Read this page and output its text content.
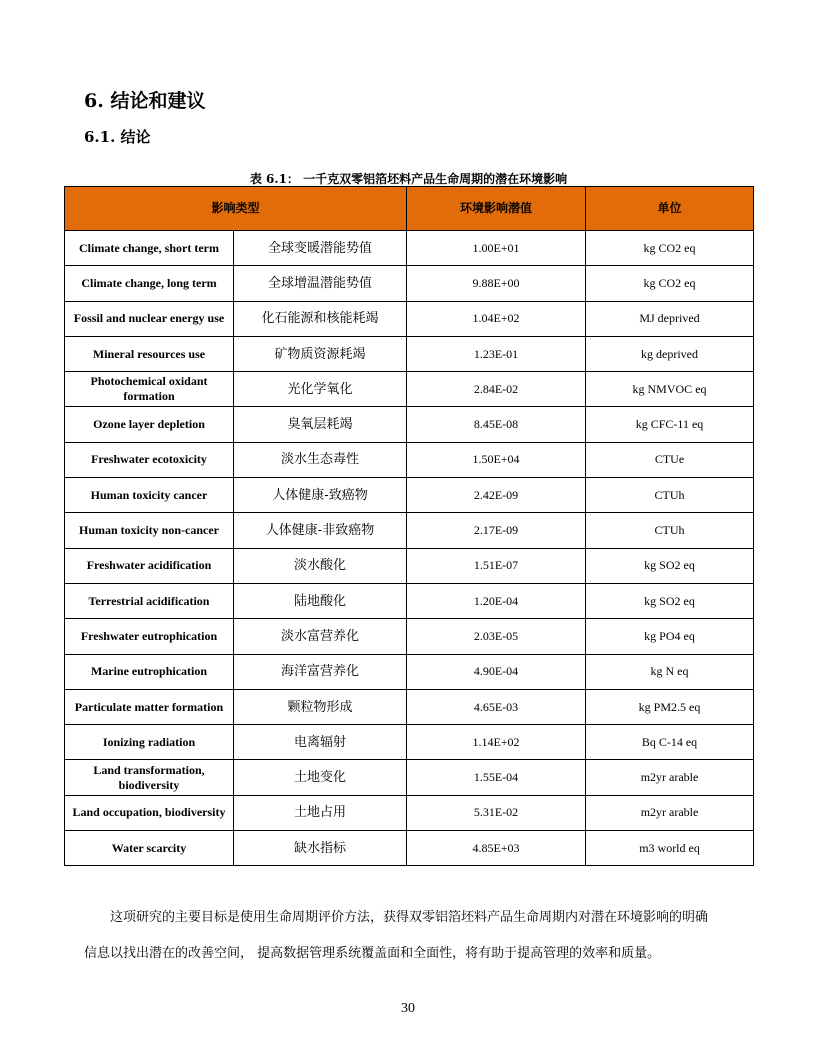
6. 结论和建议
6.1. 结论
表 6.1： 一千克双零铝箔坯料产品生命周期的潜在环境影响
影响类型		环境影响潜值	单位
Climate change, short term	全球变暖潜能势值	1.00E+01	kg CO2 eq
Climate change, long term	全球增温潜能势值	9.88E+00	kg CO2 eq
Fossil and nuclear energy use	化石能源和核能耗竭	1.04E+02	MJ deprived
Mineral resources use	矿物质资源耗竭	1.23E-01	kg deprived
Photochemical oxidant formation	光化学氧化	2.84E-02	kg NMVOC eq
Ozone layer depletion	臭氧层耗竭	8.45E-08	kg CFC-11 eq
Freshwater ecotoxicity	淡水生态毒性	1.50E+04	CTUe
Human toxicity cancer	人体健康-致癌物	2.42E-09	CTUh
Human toxicity non-cancer	人体健康-非致癌物	2.17E-09	CTUh
Freshwater acidification	淡水酸化	1.51E-07	kg SO2 eq
Terrestrial acidification	陆地酸化	1.20E-04	kg SO2 eq
Freshwater eutrophication	淡水富营养化	2.03E-05	kg PO4 eq
Marine eutrophication	海洋富营养化	4.90E-04	kg N eq
Particulate matter formation	颗粒物形成	4.65E-03	kg PM2.5 eq
Ionizing radiation	电离辐射	1.14E+02	Bq C-14 eq
Land transformation, biodiversity	土地变化	1.55E-04	m2yr arable
Land occupation, biodiversity	土地占用	5.31E-02	m2yr arable
Water scarcity	缺水指标	4.85E+03	m3 world eq
这项研究的主要目标是使用生命周期评价方法，获得双零铝箔坯料产品生命周期内对潜在环境影响的明确
信息以找出潜在的改善空间， 提高数据管理系统覆盖面和全面性，将有助于提高管理的效率和质量。
30
